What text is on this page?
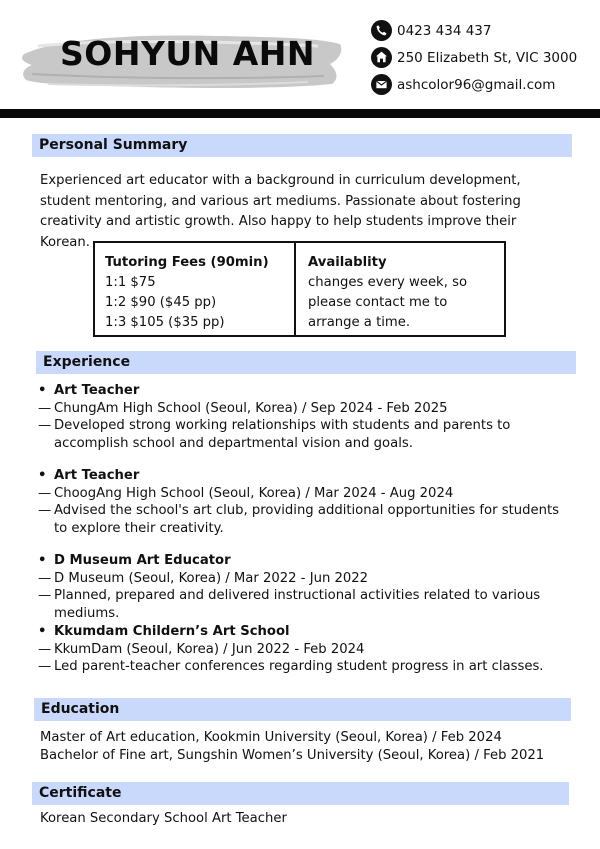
SOHYUN AHN
0423 434 437
250 Elizabeth St, VIC 3000
ashcolor96@gmail.com
Personal Summary
Experienced art educator with a background in curriculum development, student mentoring, and various art mediums. Passionate about fostering creativity and artistic growth. Also happy to help students improve their Korean.
Tutoring Fees (90min)
1:1 $75
1:2 $90 ($45 pp)
1:3 $105 ($35 pp)
Availablity
changes every week, so please contact me to arrange a time.
Experience
• Art Teacher
— ChungAm High School (Seoul, Korea) / Sep 2024 - Feb 2025
— Developed strong working relationships with students and parents to accomplish school and departmental vision and goals.
• Art Teacher
— ChoogAng High School (Seoul, Korea) / Mar 2024 - Aug 2024
— Advised the school's art club, providing additional opportunities for students to explore their creativity.
• D Museum Art Educator
— D Museum (Seoul, Korea) / Mar 2022 - Jun 2022
— Planned, prepared and delivered instructional activities related to various mediums.
• Kkumdam Childern’s Art School
— KkumDam (Seoul, Korea) / Jun 2022 - Feb 2024
— Led parent-teacher conferences regarding student progress in art classes.
Education
Master of Art education, Kookmin University (Seoul, Korea) / Feb 2024
Bachelor of Fine art, Sungshin Women’s University (Seoul, Korea) / Feb 2021
Certificate
Korean Secondary School Art Teacher
